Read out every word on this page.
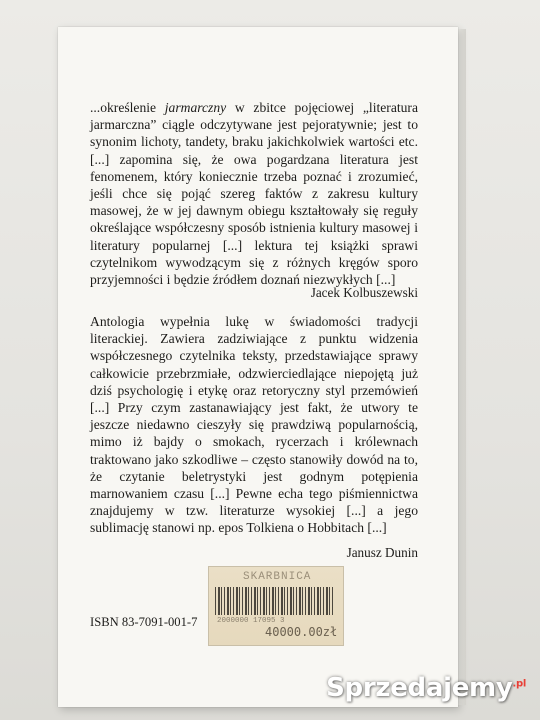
...określenie jarmarczny w zbitce pojęciowej „literatura jarmarczna” ciągle odczytywane jest pejoratywnie; jest to synonim lichoty, tandety, braku jakichkolwiek wartości etc. [...] zapomina się, że owa pogardzana literatura jest fenomenem, który koniecznie trzeba poznać i zrozumieć, jeśli chce się pojąć szereg faktów z zakresu kultury masowej, że w jej dawnym obiegu kształtowały się reguły określające współczesny sposób istnienia kultury masowej i literatury popularnej [...] lektura tej książki sprawi czytelnikom wywodzącym się z różnych kręgów sporo przyjemności i będzie źródłem doznań niezwykłych [...]

Jacek Kolbuszewski

Antologia wypełnia lukę w świadomości tradycji literackiej. Zawiera zadziwiające z punktu widzenia współczesnego czytelnika teksty, przedstawiające sprawy całkowicie przebrzmiałe, odzwierciedlające niepojętą już dziś psychologię i etykę oraz retoryczny styl przemówień [...] Przy czym zastanawiający jest fakt, że utwory te jeszcze niedawno cieszyły się prawdziwą popularnością, mimo iż bajdy o smokach, rycerzach i królewnach traktowano jako szkodliwe – często stanowiły dowód na to, że czytanie beletrystyki jest godnym potępienia marnowaniem czasu [...] Pewne echa tego piśmiennictwa znajdujemy w tzw. literaturze wysokiej [...] a jego sublimację stanowi np. epos Tolkiena o Hobbitach [...]

Janusz Dunin

SKARBNICA
2000000 17095 3
40000.00zł

ISBN 83-7091-001-7

Sprzedajemy$^{.pl}$
